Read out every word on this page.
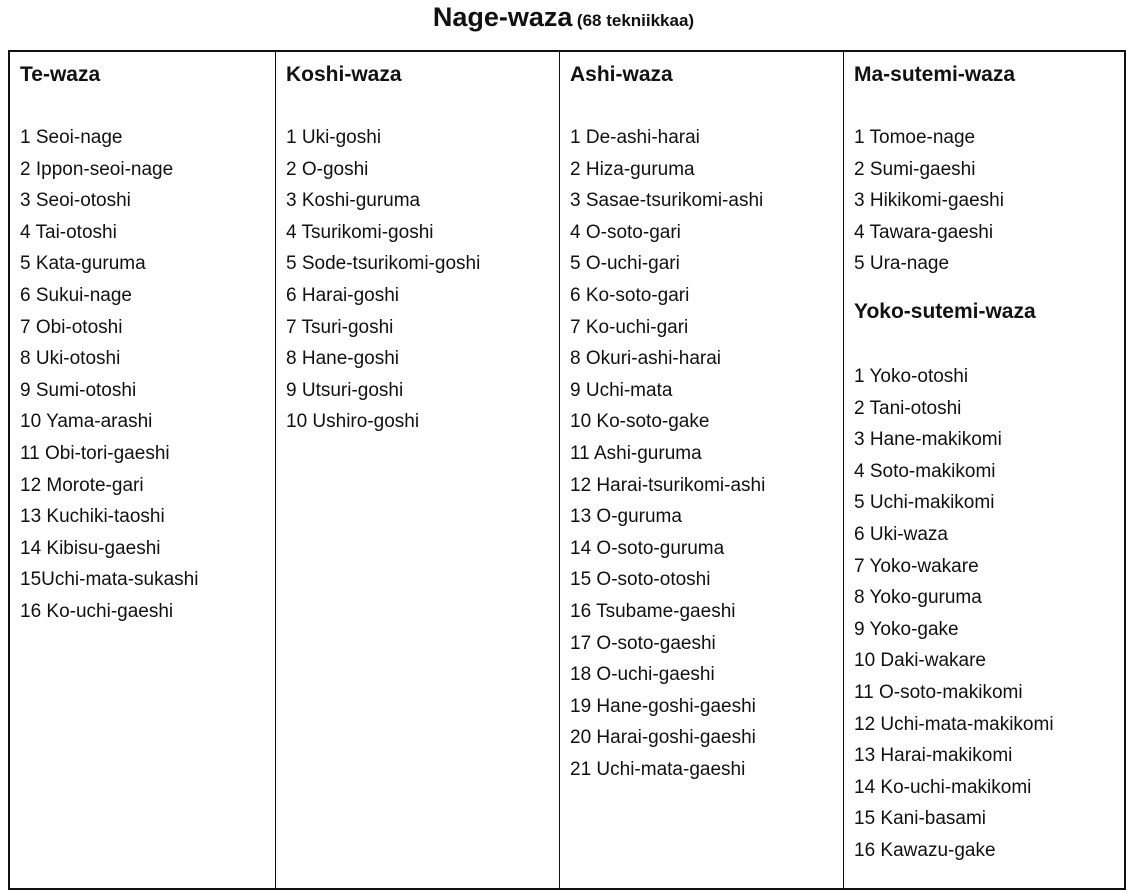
Nage-waza (68 tekniikkaa)
Te-waza
1 Seoi-nage
2 Ippon-seoi-nage
3 Seoi-otoshi
4 Tai-otoshi
5 Kata-guruma
6 Sukui-nage
7 Obi-otoshi
8 Uki-otoshi
9 Sumi-otoshi
10 Yama-arashi
11 Obi-tori-gaeshi
12 Morote-gari
13 Kuchiki-taoshi
14 Kibisu-gaeshi
15Uchi-mata-sukashi
16 Ko-uchi-gaeshi
Koshi-waza
1 Uki-goshi
2 O-goshi
3 Koshi-guruma
4 Tsurikomi-goshi
5 Sode-tsurikomi-goshi
6 Harai-goshi
7 Tsuri-goshi
8 Hane-goshi
9 Utsuri-goshi
10 Ushiro-goshi
Ashi-waza
1 De-ashi-harai
2 Hiza-guruma
3 Sasae-tsurikomi-ashi
4 O-soto-gari
5 O-uchi-gari
6 Ko-soto-gari
7 Ko-uchi-gari
8 Okuri-ashi-harai
9 Uchi-mata
10 Ko-soto-gake
11 Ashi-guruma
12 Harai-tsurikomi-ashi
13 O-guruma
14 O-soto-guruma
15 O-soto-otoshi
16 Tsubame-gaeshi
17 O-soto-gaeshi
18 O-uchi-gaeshi
19 Hane-goshi-gaeshi
20 Harai-goshi-gaeshi
21 Uchi-mata-gaeshi
Ma-sutemi-waza
1 Tomoe-nage
2 Sumi-gaeshi
3 Hikikomi-gaeshi
4 Tawara-gaeshi
5 Ura-nage
Yoko-sutemi-waza
1 Yoko-otoshi
2 Tani-otoshi
3 Hane-makikomi
4 Soto-makikomi
5 Uchi-makikomi
6 Uki-waza
7 Yoko-wakare
8 Yoko-guruma
9 Yoko-gake
10 Daki-wakare
11 O-soto-makikomi
12 Uchi-mata-makikomi
13 Harai-makikomi
14 Ko-uchi-makikomi
15 Kani-basami
16 Kawazu-gake
